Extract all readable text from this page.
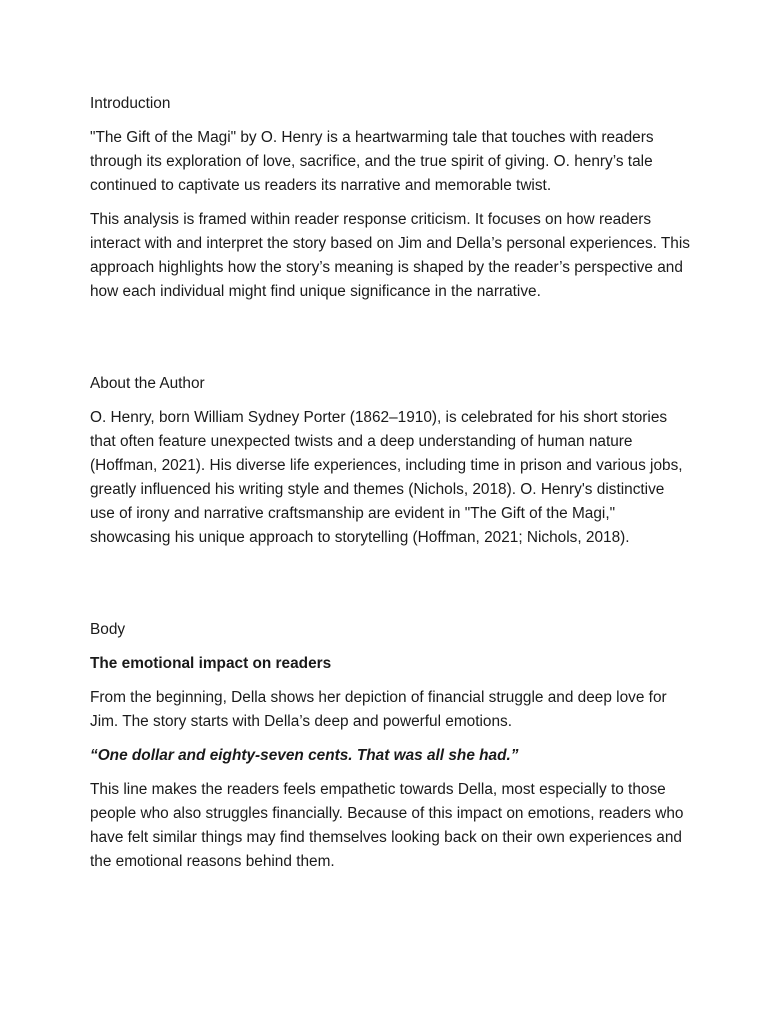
Introduction

"The Gift of the Magi" by O. Henry is a heartwarming tale that touches with readers through its exploration of love, sacrifice, and the true spirit of giving. O. henry’s tale continued to captivate us readers its narrative and memorable twist.

This analysis is framed within reader response criticism. It focuses on how readers interact with and interpret the story based on Jim and Della’s personal experiences. This approach highlights how the story’s meaning is shaped by the reader’s perspective and how each individual might find unique significance in the narrative.

About the Author

O. Henry, born William Sydney Porter (1862–1910), is celebrated for his short stories that often feature unexpected twists and a deep understanding of human nature (Hoffman, 2021). His diverse life experiences, including time in prison and various jobs, greatly influenced his writing style and themes (Nichols, 2018). O. Henry's distinctive use of irony and narrative craftsmanship are evident in "The Gift of the Magi," showcasing his unique approach to storytelling (Hoffman, 2021; Nichols, 2018).

Body

The emotional impact on readers

From the beginning, Della shows her depiction of financial struggle and deep love for Jim. The story starts with Della’s deep and powerful emotions.

“One dollar and eighty-seven cents. That was all she had.”

This line makes the readers feels empathetic towards Della, most especially to those people who also struggles financially. Because of this impact on emotions, readers who have felt similar things may find themselves looking back on their own experiences and the emotional reasons behind them.
